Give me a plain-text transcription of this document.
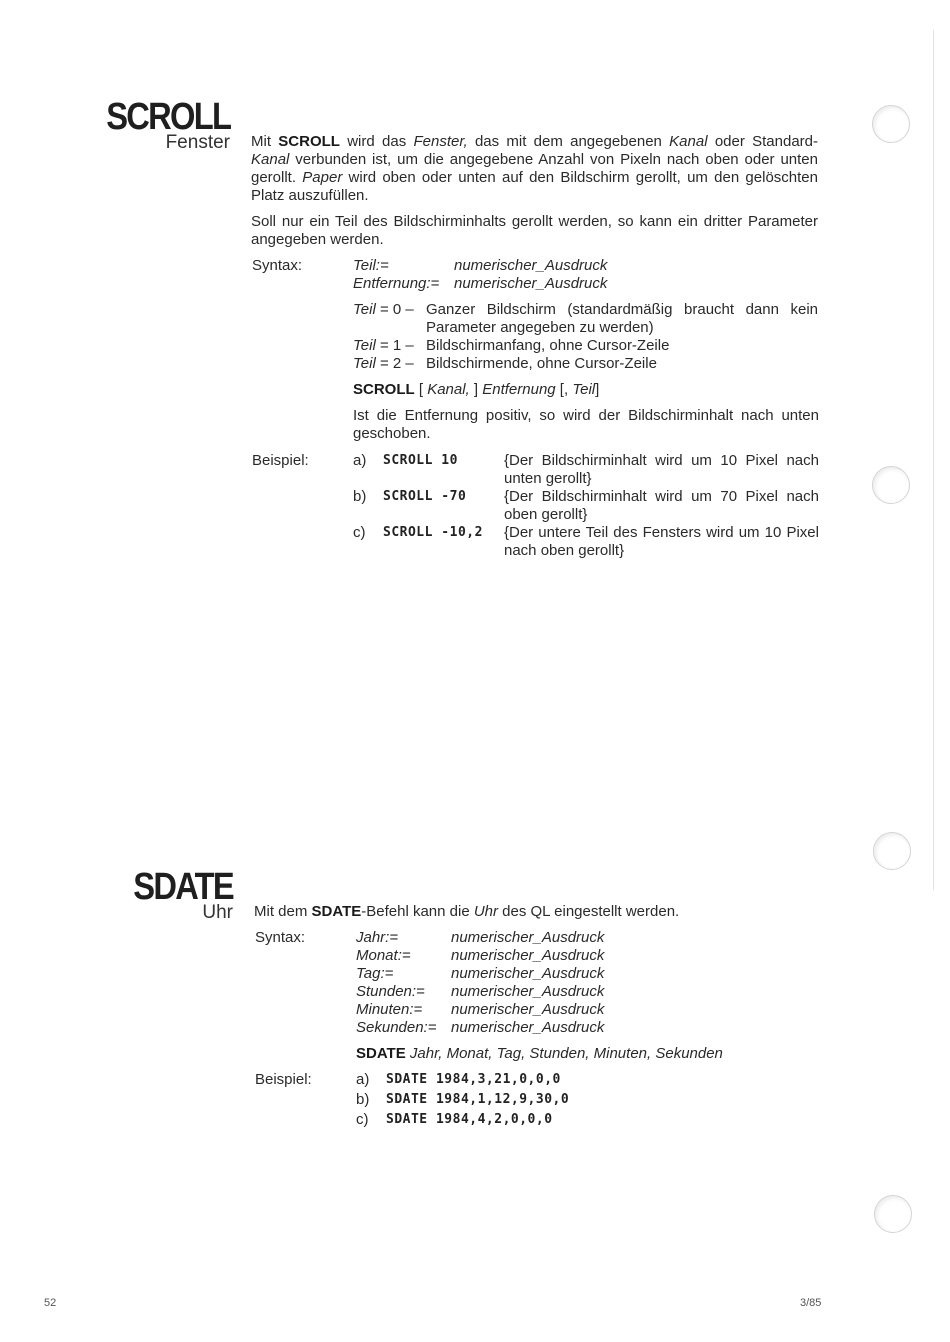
SCROLL
Fenster Mit SCROLL wird das Fenster, das mit dem angegebenen Kanal oder Standard-Kanal verbunden ist, um die angegebene Anzahl von Pixeln nach oben oder unten gerollt. Paper wird oben oder unten auf den Bildschirm gerollt, um den gelöschten Platz auszufüllen.

Soll nur ein Teil des Bildschirminhalts gerollt werden, so kann ein dritter Parameter angegeben werden.

Syntax:	Teil:=	numerischer_Ausdruck
Entfernung:= numerischer_Ausdruck
Teil = 0 – Ganzer Bildschirm (standardmäßig braucht dann kein Parameter angegeben zu werden)
Teil = 1 – Bildschirmanfang, ohne Cursor-Zeile
Teil = 2 – Bildschirmende, ohne Cursor-Zeile
SCROLL [ Kanal, ] Entfernung [, Teil]

Ist die Entfernung positiv, so wird der Bildschirminhalt nach unten geschoben.

Beispiel:	a) SCROLL 10	{Der Bildschirminhalt wird um 10 Pixel nach unten gerollt}
b) SCROLL -70	{Der Bildschirminhalt wird um 70 Pixel nach oben gerollt}
c) SCROLL -10,2 {Der untere Teil des Fensters wird um 10 Pixel nach oben gerollt}
SDATE
Uhr Mit dem SDATE-Befehl kann die Uhr des QL eingestellt werden.
Syntax:	Jahr:=	numerischer_Ausdruck
Monat:=	numerischer_Ausdruck
Tag:=	numerischer_Ausdruck
Stunden:= numerischer_Ausdruck
Minuten:= numerischer_Ausdruck
Sekunden:= numerischer_Ausdruck
SDATE Jahr, Monat, Tag, Stunden, Minuten, Sekunden
Beispiel:	a) SDATE 1984,3,21,0,0,0
b) SDATE 1984,1,12,9,30,0
c) SDATE 1984,4,2,0,0,0
52	3/85
